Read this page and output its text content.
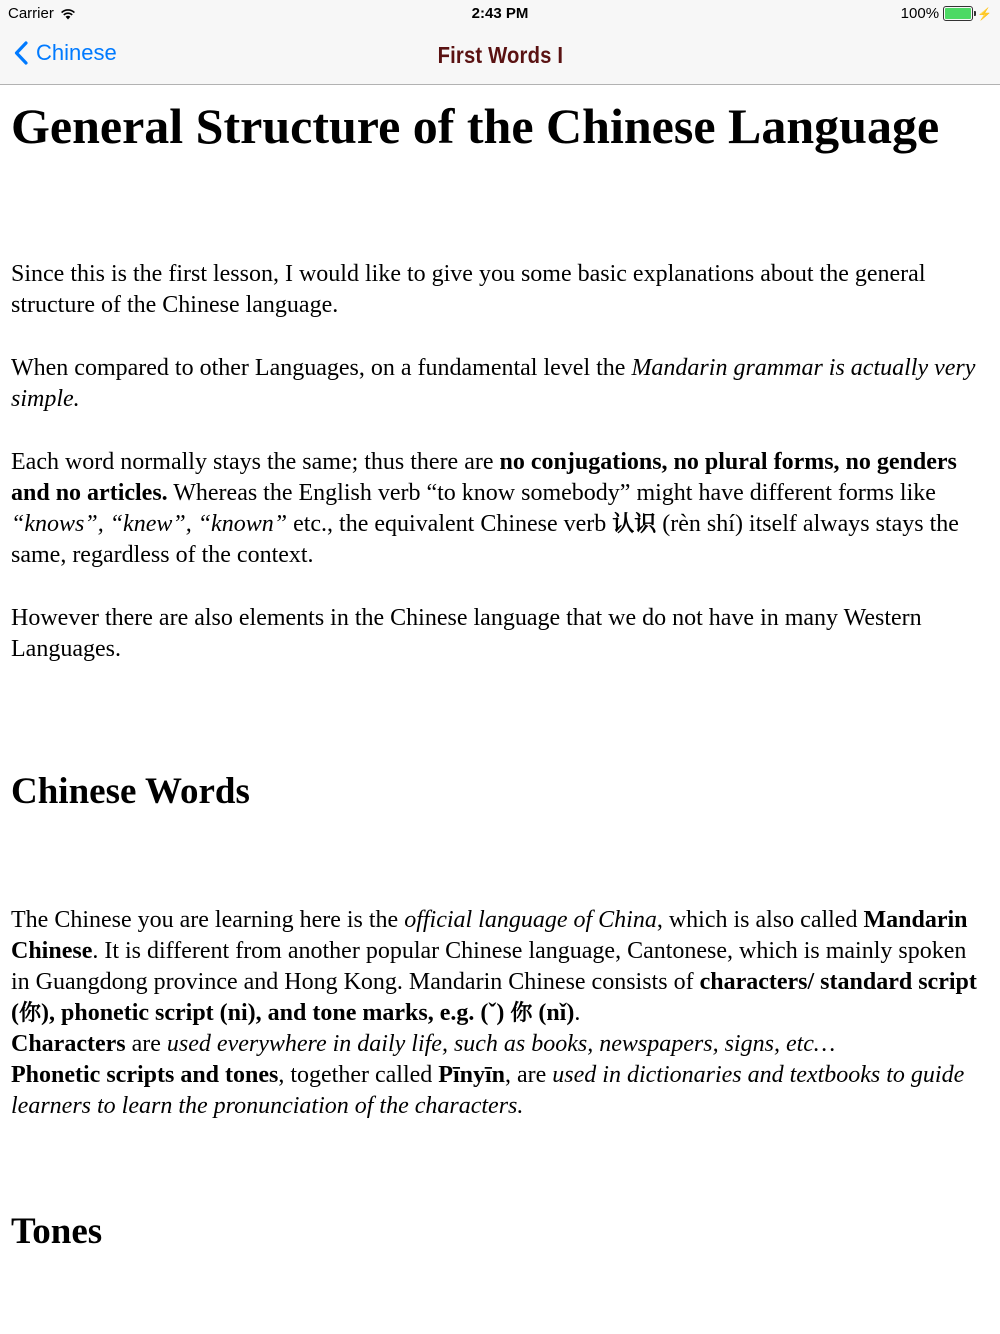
Carrier	2:43 PM	100%	⚡
Chinese	First Words I
General Structure of the Chinese Language

Since this is the first lesson, I would like to give you some basic explanations about the general structure of the Chinese language.

When compared to other Languages, on a fundamental level the Mandarin grammar is actually very simple.

Each word normally stays the same; thus there are no conjugations, no plural forms, no genders and no articles. Whereas the English verb “to know somebody” might have different forms like “knows”, “knew”, “known” etc., the equivalent Chinese verb 认识 (rèn shí) itself always stays the same, regardless of the context.

However there are also elements in the Chinese language that we do not have in many Western Languages.

Chinese Words

The Chinese you are learning here is the official language of China, which is also called Mandarin Chinese. It is different from another popular Chinese language, Cantonese, which is mainly spoken in Guangdong province and Hong Kong. Mandarin Chinese consists of characters/ standard script (你), phonetic script (ni), and tone marks, e.g. (ˇ) 你 (nǐ).
Characters are used everywhere in daily life, such as books, newspapers, signs, etc…
Phonetic scripts and tones, together called Pīnyīn, are used in dictionaries and textbooks to guide learners to learn the pronunciation of the characters.

Tones
